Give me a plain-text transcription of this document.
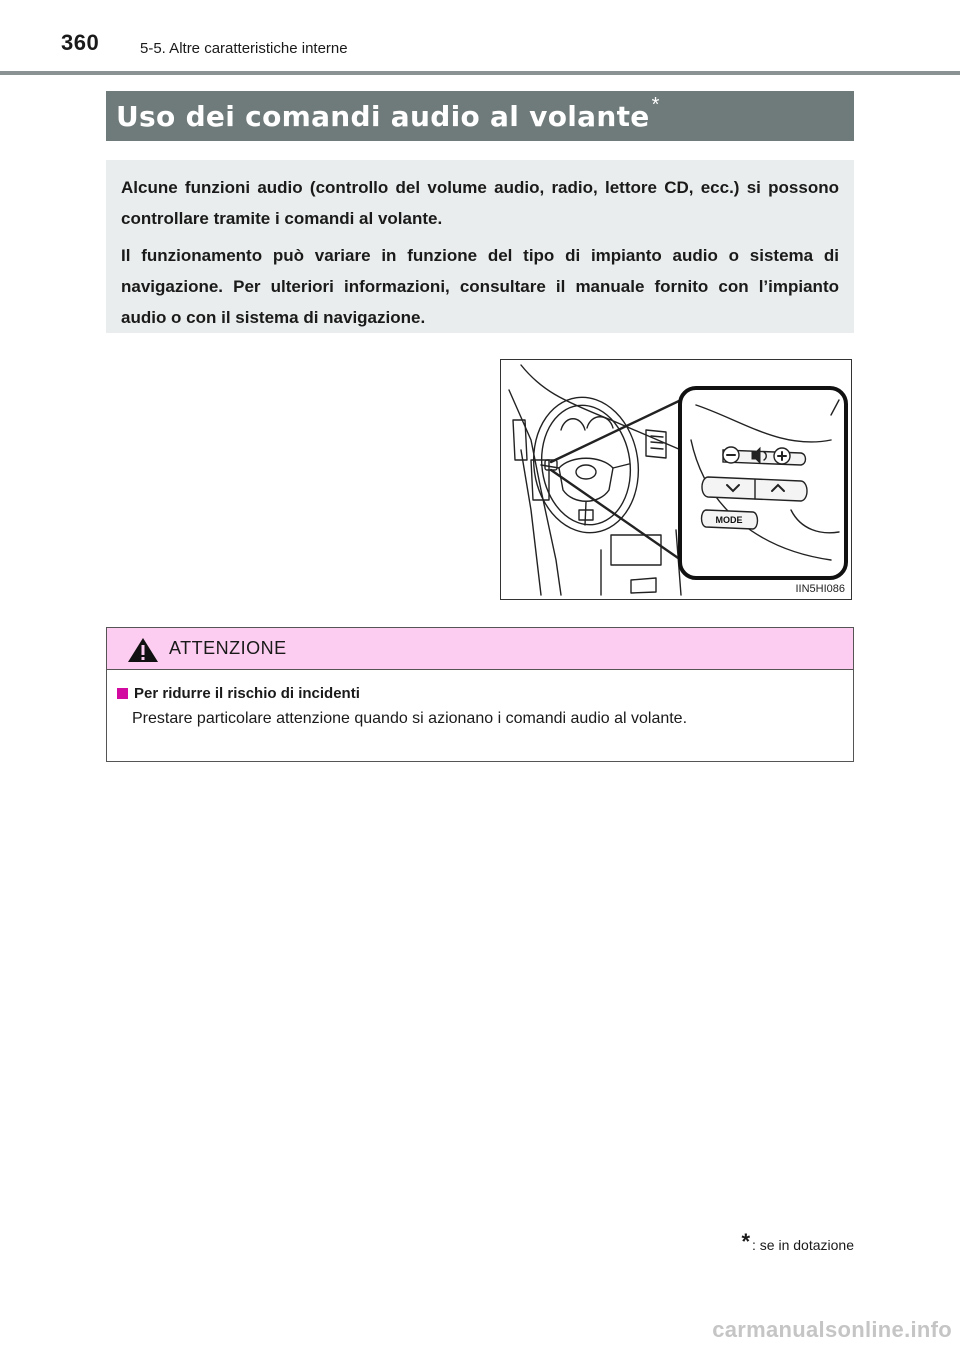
360	5-5. Altre caratteristiche interne
Uso dei comandi audio al volante *

Alcune funzioni audio (controllo del volume audio, radio, lettore CD, ecc.) si possono controllare tramite i comandi al volante.

Il funzionamento può variare in funzione del tipo di impianto audio o sistema di navigazione. Per ulteriori informazioni, consultare il manuale fornito con l’impianto audio o con il sistema di navigazione.

MODE
IIN5HI086
ATTENZIONE
Per ridurre il rischio di incidenti
Prestare particolare attenzione quando si azionano i comandi audio al volante.
* : se in dotazione
carmanualsonline.info
